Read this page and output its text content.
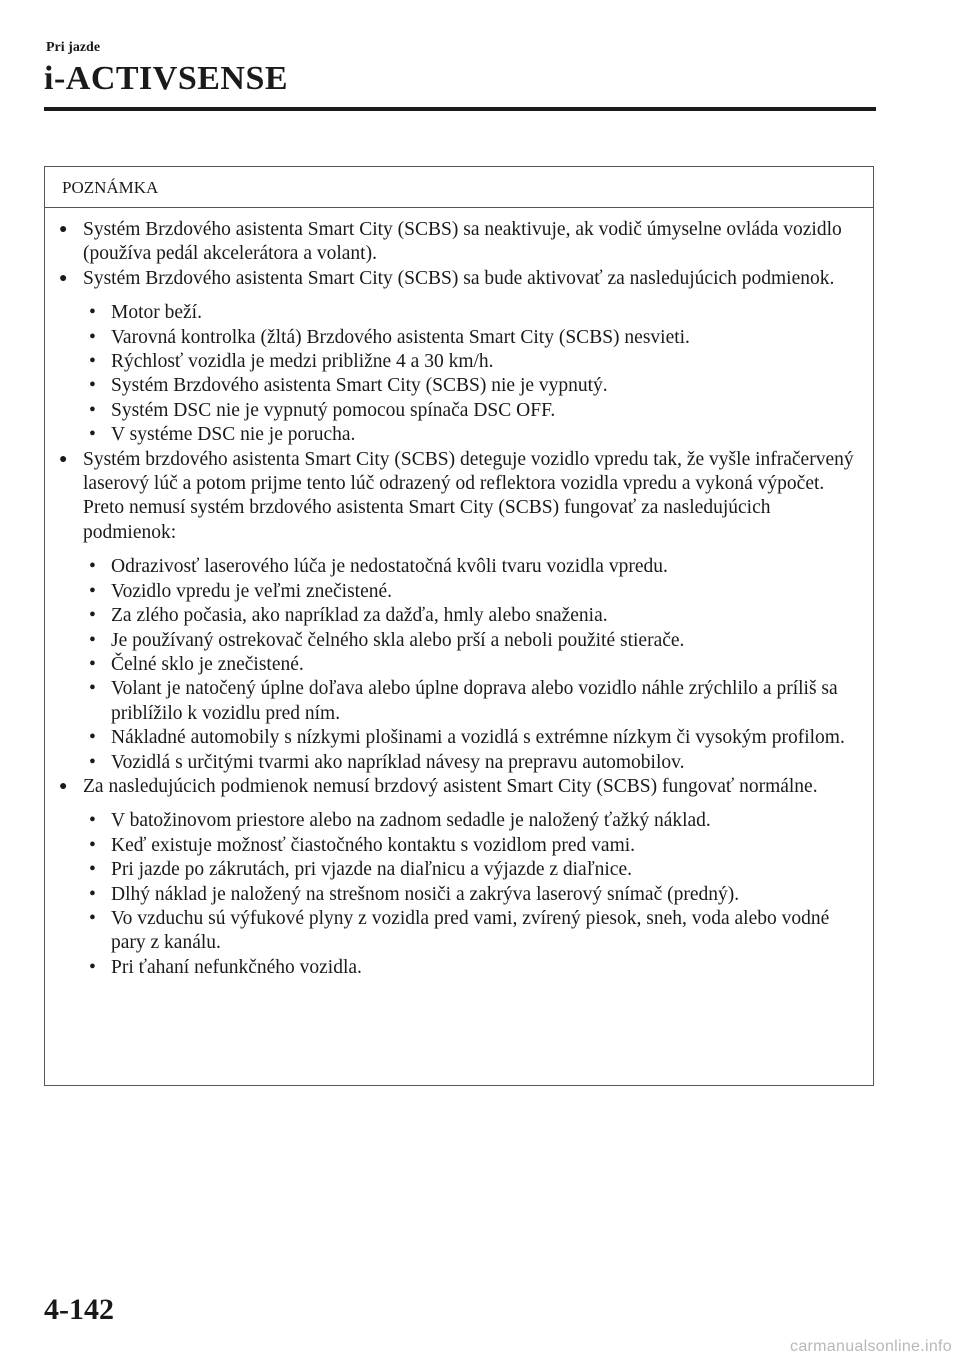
Pri jazde
i-ACTIVSENSE
POZNÁMKA
● Systém Brzdového asistenta Smart City (SCBS) sa neaktivuje, ak vodič úmyselne ovláda vozidlo (používa pedál akcelerátora a volant).
● Systém Brzdového asistenta Smart City (SCBS) sa bude aktivovať za nasledujúcich podmienok.
• Motor beží.
• Varovná kontrolka (žltá) Brzdového asistenta Smart City (SCBS) nesvieti.
• Rýchlosť vozidla je medzi približne 4 a 30 km/h.
• Systém Brzdového asistenta Smart City (SCBS) nie je vypnutý.
• Systém DSC nie je vypnutý pomocou spínača DSC OFF.
• V systéme DSC nie je porucha.
● Systém brzdového asistenta Smart City (SCBS) deteguje vozidlo vpredu tak, že vyšle infračervený laserový lúč a potom prijme tento lúč odrazený od reflektora vozidla vpredu a vykoná výpočet. Preto nemusí systém brzdového asistenta Smart City (SCBS) fungovať za nasledujúcich podmienok:
• Odrazivosť laserového lúča je nedostatočná kvôli tvaru vozidla vpredu.
• Vozidlo vpredu je veľmi znečistené.
• Za zlého počasia, ako napríklad za dažďa, hmly alebo snaženia.
• Je používaný ostrekovač čelného skla alebo prší a neboli použité stierače.
• Čelné sklo je znečistené.
• Volant je natočený úplne doľava alebo úplne doprava alebo vozidlo náhle zrýchlilo a príliš sa priblížilo k vozidlu pred ním.
• Nákladné automobily s nízkymi plošinami a vozidlá s extrémne nízkym či vysokým profilom.
• Vozidlá s určitými tvarmi ako napríklad návesy na prepravu automobilov.
● Za nasledujúcich podmienok nemusí brzdový asistent Smart City (SCBS) fungovať normálne.
• V batožinovom priestore alebo na zadnom sedadle je naložený ťažký náklad.
• Keď existuje možnosť čiastočného kontaktu s vozidlom pred vami.
• Pri jazde po zákrutách, pri vjazde na diaľnicu a výjazde z diaľnice.
• Dlhý náklad je naložený na strešnom nosiči a zakrýva laserový snímač (predný).
• Vo vzduchu sú výfukové plyny z vozidla pred vami, zvírený piesok, sneh, voda alebo vodné pary z kanálu.
• Pri ťahaní nefunkčného vozidla.
4-142
carmanualsonline.info
